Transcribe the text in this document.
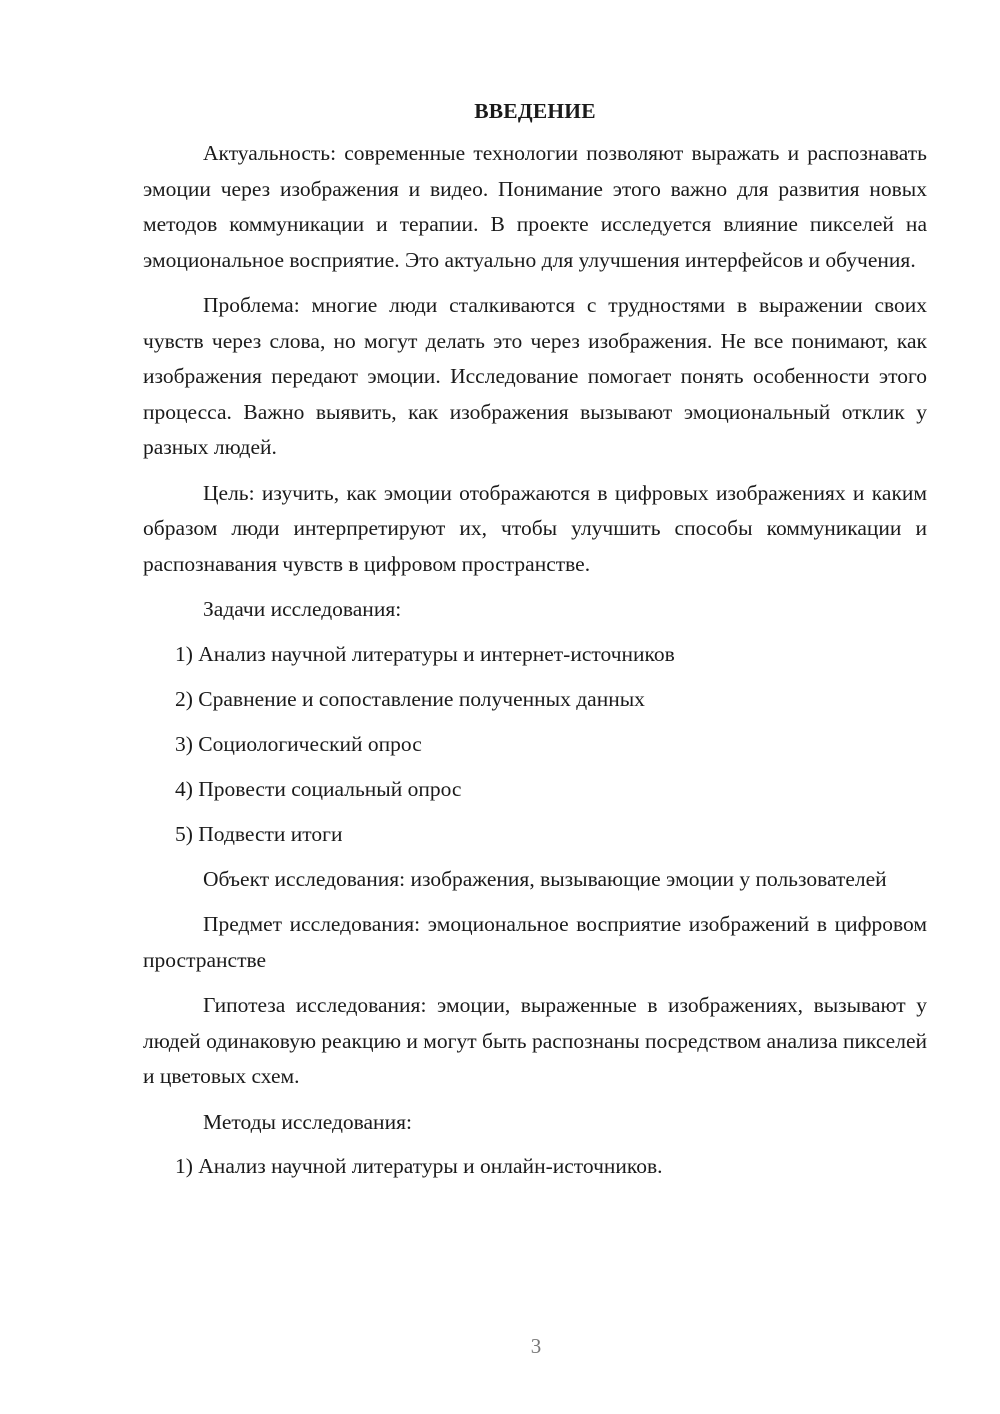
ВВЕДЕНИЕ

Актуальность: современные технологии позволяют выражать и распознавать эмоции через изображения и видео. Понимание этого важно для развития новых методов коммуникации и терапии. В проекте исследуется влияние пикселей на эмоциональное восприятие. Это актуально для улучшения интерфейсов и обучения.

Проблема: многие люди сталкиваются с трудностями в выражении своих чувств через слова, но могут делать это через изображения. Не все понимают, как изображения передают эмоции. Исследование помогает понять особенности этого процесса. Важно выявить, как изображения вызывают эмоциональный отклик у разных людей.

Цель: изучить, как эмоции отображаются в цифровых изображениях и каким образом люди интерпретируют их, чтобы улучшить способы коммуникации и распознавания чувств в цифровом пространстве.

Задачи исследования:

1) Анализ научной литературы и интернет-источников
2) Сравнение и сопоставление полученных данных
3) Социологический опрос
4) Провести социальный опрос
5) Подвести итоги

Объект исследования: изображения, вызывающие эмоции у пользователей

Предмет исследования: эмоциональное восприятие изображений в цифровом пространстве

Гипотеза исследования: эмоции, выраженные в изображениях, вызывают у людей одинаковую реакцию и могут быть распознаны посредством анализа пикселей и цветовых схем.

Методы исследования:

1) Анализ научной литературы и онлайн-источников.
3
